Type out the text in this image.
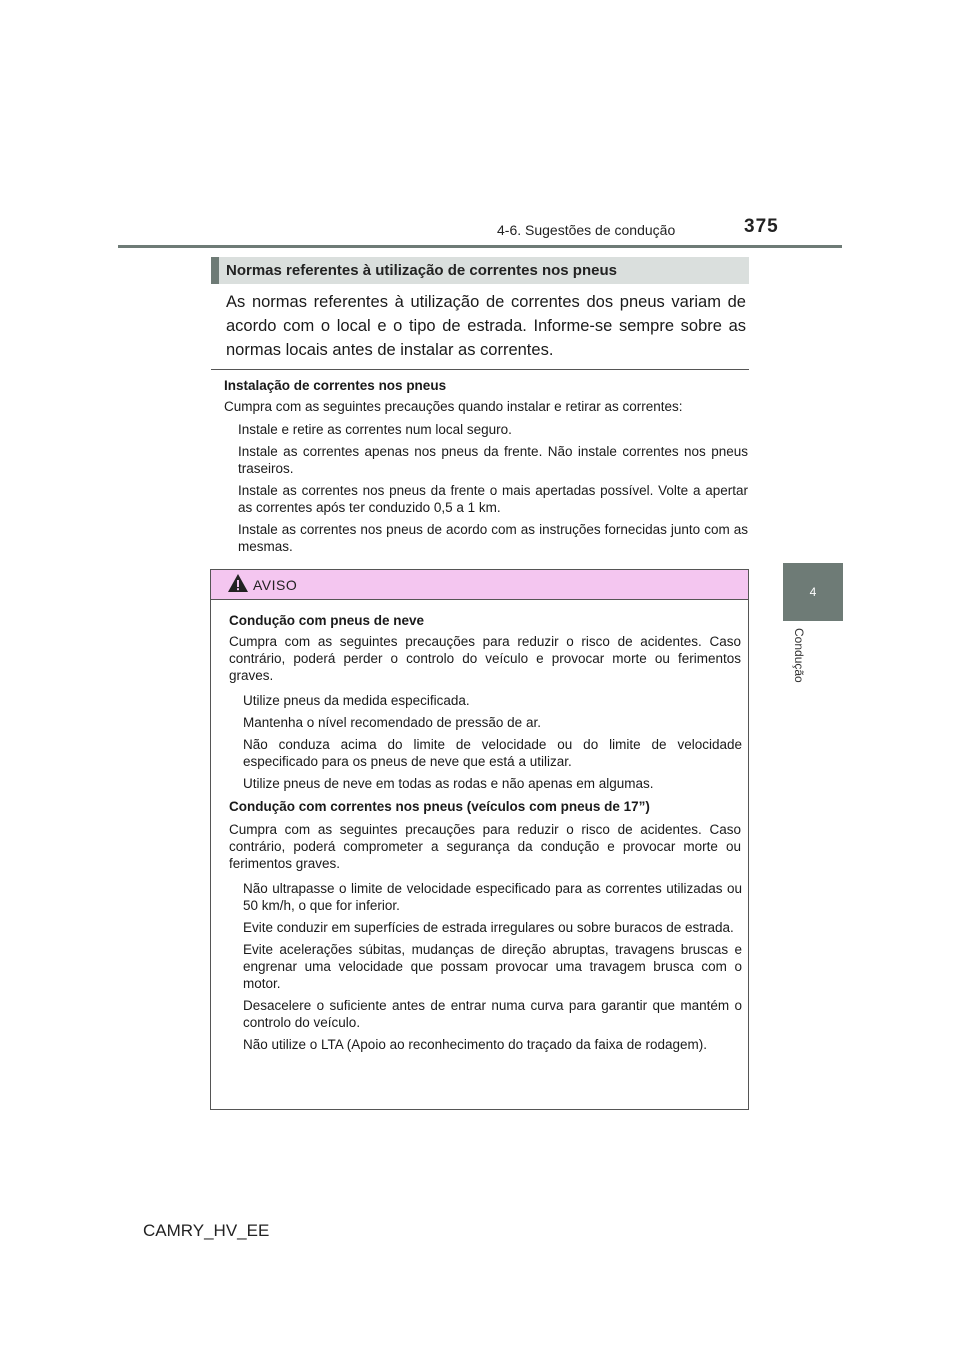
4-6. Sugestões de condução	375
4
Condução
Normas referentes à utilização de correntes nos pneus
As normas referentes à utilização de correntes dos pneus variam de acordo com o local e o tipo de estrada. Informe-se sempre sobre as normas locais antes de instalar as correntes.
Instalação de correntes nos pneus
Cumpra com as seguintes precauções quando instalar e retirar as correntes:
Instale e retire as correntes num local seguro.
Instale as correntes apenas nos pneus da frente. Não instale correntes nos pneus traseiros.
Instale as correntes nos pneus da frente o mais apertadas possível. Volte a apertar as correntes após ter conduzido 0,5 a 1 km.
Instale as correntes nos pneus de acordo com as instruções fornecidas junto com as mesmas.
AVISO
Condução com pneus de neve
Cumpra com as seguintes precauções para reduzir o risco de acidentes. Caso contrário, poderá perder o controlo do veículo e provocar morte ou ferimentos graves.
Utilize pneus da medida especificada.
Mantenha o nível recomendado de pressão de ar.
Não conduza acima do limite de velocidade ou do limite de velocidade especificado para os pneus de neve que está a utilizar.
Utilize pneus de neve em todas as rodas e não apenas em algumas.
Condução com correntes nos pneus (veículos com pneus de 17”)
Cumpra com as seguintes precauções para reduzir o risco de acidentes. Caso contrário, poderá comprometer a segurança da condução e provocar morte ou ferimentos graves.
Não ultrapasse o limite de velocidade especificado para as correntes utilizadas ou 50 km/h, o que for inferior.
Evite conduzir em superfícies de estrada irregulares ou sobre buracos de estrada.
Evite acelerações súbitas, mudanças de direção abruptas, travagens bruscas e engrenar uma velocidade que possam provocar uma travagem brusca com o motor.
Desacelere o suficiente antes de entrar numa curva para garantir que mantém o controlo do veículo.
Não utilize o LTA (Apoio ao reconhecimento do traçado da faixa de rodagem).
CAMRY_HV_EE
